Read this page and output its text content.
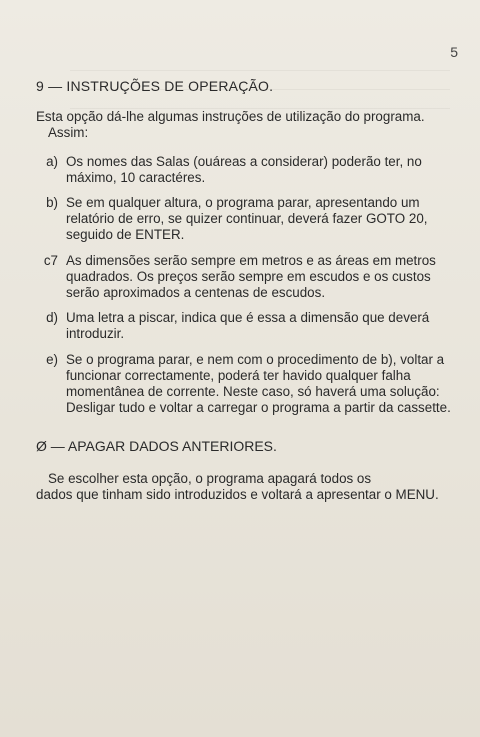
5
9 — INSTRUÇÕES DE OPERAÇÃO.
Esta opção dá-lhe algumas instruções de utilização do programa.
Assim:
a) Os nomes das Salas (ouáreas a considerar) poderão ter, no máximo, 10 caractéres.
b) Se em qualquer altura, o programa parar, apresentando um relatório de erro, se quizer continuar, deverá fazer GOTO 20, seguido de ENTER.
c7 As dimensões serão sempre em metros e as áreas em metros quadrados. Os preços serão sempre em escudos e os custos serão aproximados a centenas de escudos.
d) Uma letra a piscar, indica que é essa a dimensão que deverá introduzir.
e) Se o programa parar, e nem com o procedimento de b), voltar a funcionar correctamente, poderá ter havido qualquer falha momentânea de corrente. Neste caso, só haverá uma solução:
Desligar tudo e voltar a carregar o programa a partir da cassette.
Ø — APAGAR DADOS ANTERIORES.
Se escolher esta opção, o programa apagará todos os
dados que tinham sido introduzidos e voltará a apresentar o MENU.
